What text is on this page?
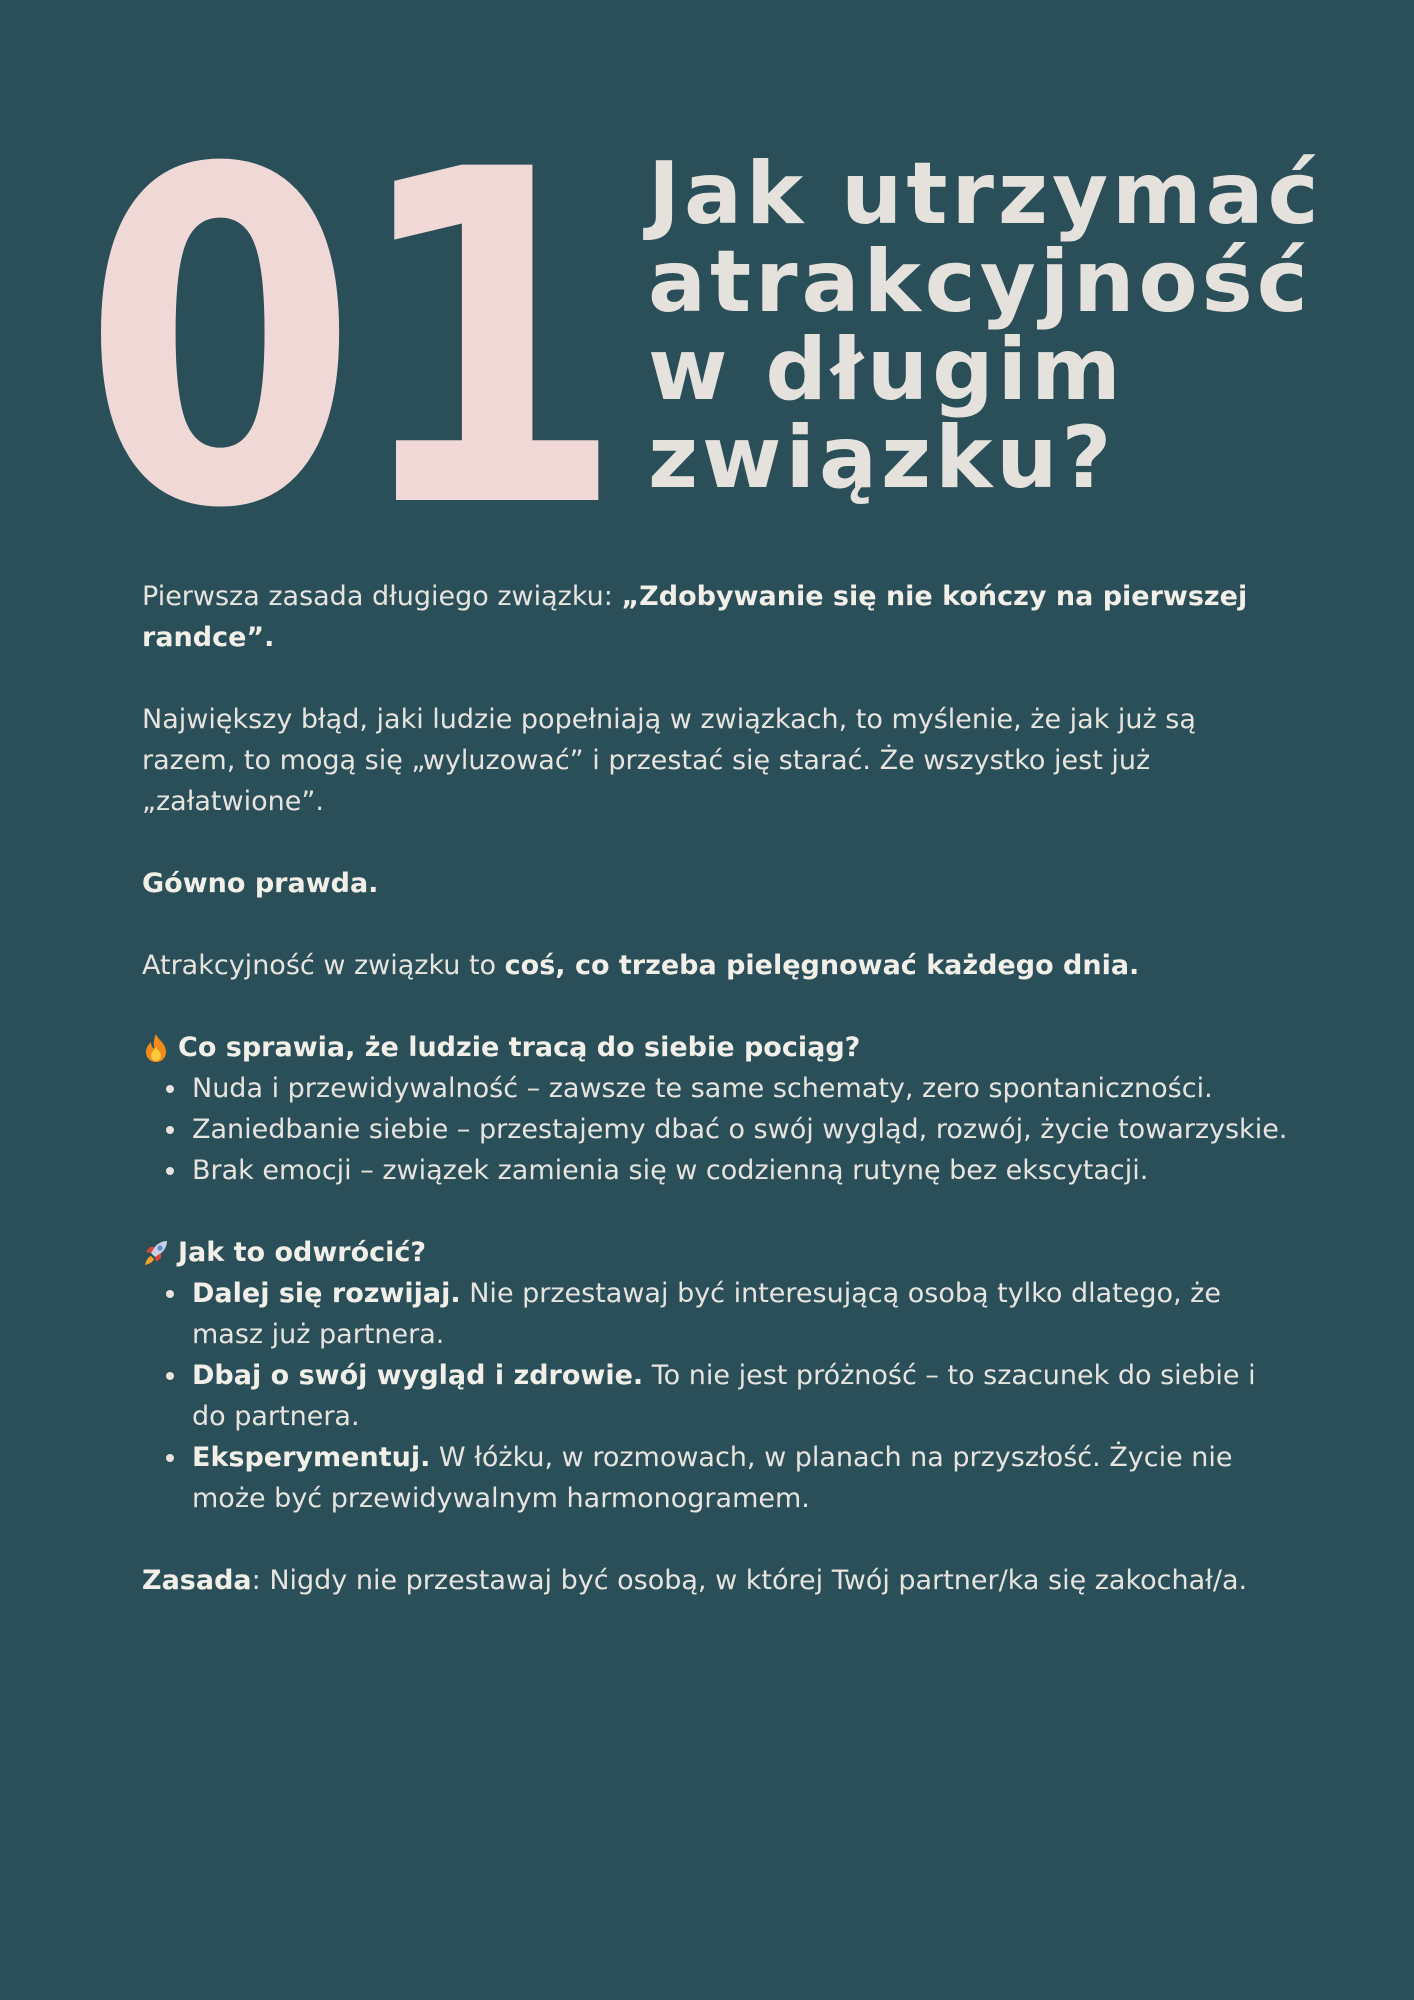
01 Jak utrzymać
atrakcyjność
w długim
związku?

Pierwsza zasada długiego związku: „Zdobywanie się nie kończy na pierwszej randce”.

Największy błąd, jaki ludzie popełniają w związkach, to myślenie, że jak już są razem, to mogą się „wyluzować” i przestać się starać. Że wszystko jest już „załatwione”.

Gówno prawda.

Atrakcyjność w związku to coś, co trzeba pielęgnować każdego dnia.

Co sprawia, że ludzie tracą do siebie pociąg?
Nuda i przewidywalność – zawsze te same schematy, zero spontaniczności.
Zaniedbanie siebie – przestajemy dbać o swój wygląd, rozwój, życie towarzyskie.
Brak emocji – związek zamienia się w codzienną rutynę bez ekscytacji.
Jak to odwrócić?
Dalej się rozwijaj. Nie przestawaj być interesującą osobą tylko dlatego, że masz już partnera.
Dbaj o swój wygląd i zdrowie. To nie jest próżność – to szacunek do siebie i do partnera.
Eksperymentuj. W łóżku, w rozmowach, w planach na przyszłość. Życie nie może być przewidywalnym harmonogramem.

Zasada: Nigdy nie przestawaj być osobą, w której Twój partner/ka się zakochał/a.
